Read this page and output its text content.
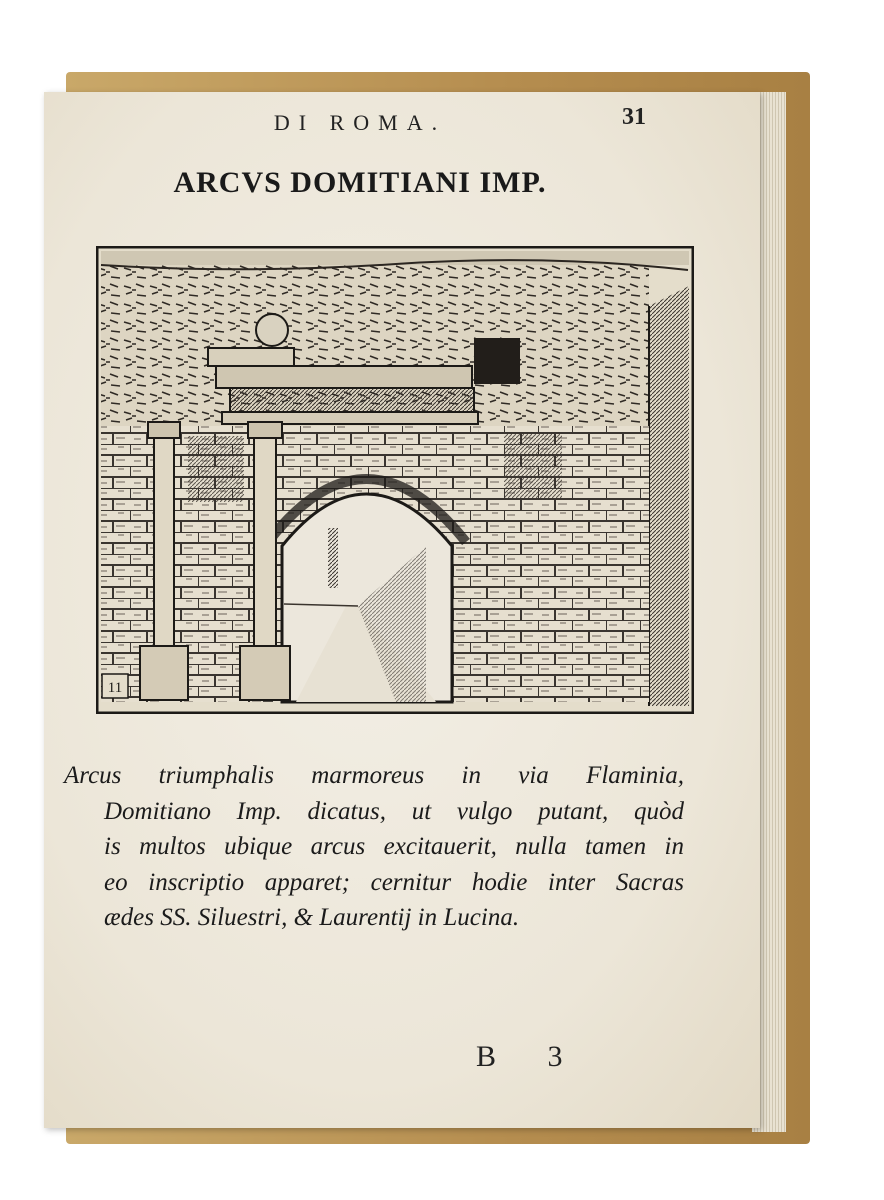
DI ROMA.	31
ARCVS DOMITIANI IMP.
11
Arcus triumphalis marmoreus in via Flaminia,
Domitiano Imp. dicatus, ut vulgo putant, quòd
is multos ubique arcus excitauerit, nulla tamen in
eo inscriptio apparet; cernitur hodie inter Sacras
ædes SS. Siluestri, & Laurentij in Lucina.
B 3
